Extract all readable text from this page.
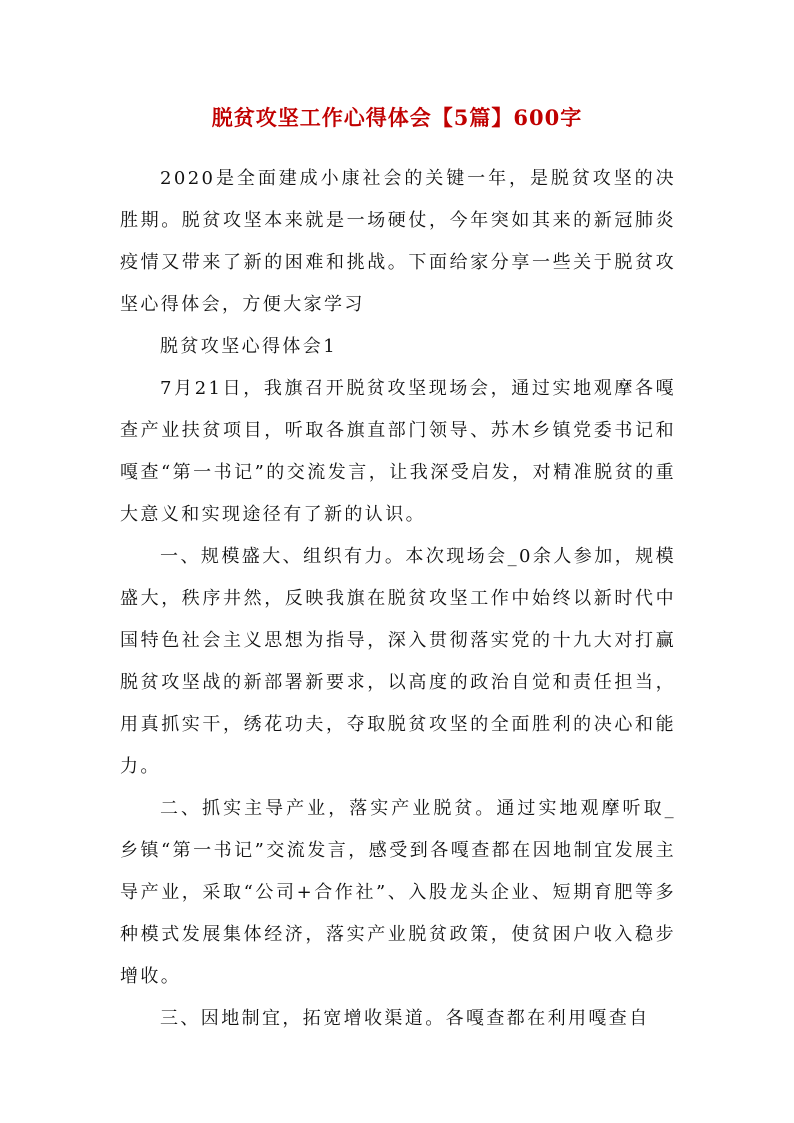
脱贫攻坚工作心得体会【5篇】600字

2020是全面建成小康社会的关键一年，是脱贫攻坚的决胜期。脱贫攻坚本来就是一场硬仗，今年突如其来的新冠肺炎疫情又带来了新的困难和挑战。下面给家分享一些关于脱贫攻坚心得体会，方便大家学习

脱贫攻坚心得体会1

7月21日，我旗召开脱贫攻坚现场会，通过实地观摩各嘎查产业扶贫项目，听取各旗直部门领导、苏木乡镇党委书记和嘎查“第一书记”的交流发言，让我深受启发，对精准脱贫的重大意义和实现途径有了新的认识。

一、规模盛大、组织有力。本次现场会_0余人参加，规模盛大，秩序井然，反映我旗在脱贫攻坚工作中始终以新时代中国特色社会主义思想为指导，深入贯彻落实党的十九大对打赢脱贫攻坚战的新部署新要求，以高度的政治自觉和责任担当，用真抓实干，绣花功夫，夺取脱贫攻坚的全面胜利的决心和能力。

二、抓实主导产业，落实产业脱贫。通过实地观摩听取_乡镇“第一书记”交流发言，感受到各嘎查都在因地制宜发展主导产业，采取“公司+合作社”、入股龙头企业、短期育肥等多种模式发展集体经济，落实产业脱贫政策，使贫困户收入稳步增收。

三、因地制宜，拓宽增收渠道。各嘎查都在利用嘎查自
